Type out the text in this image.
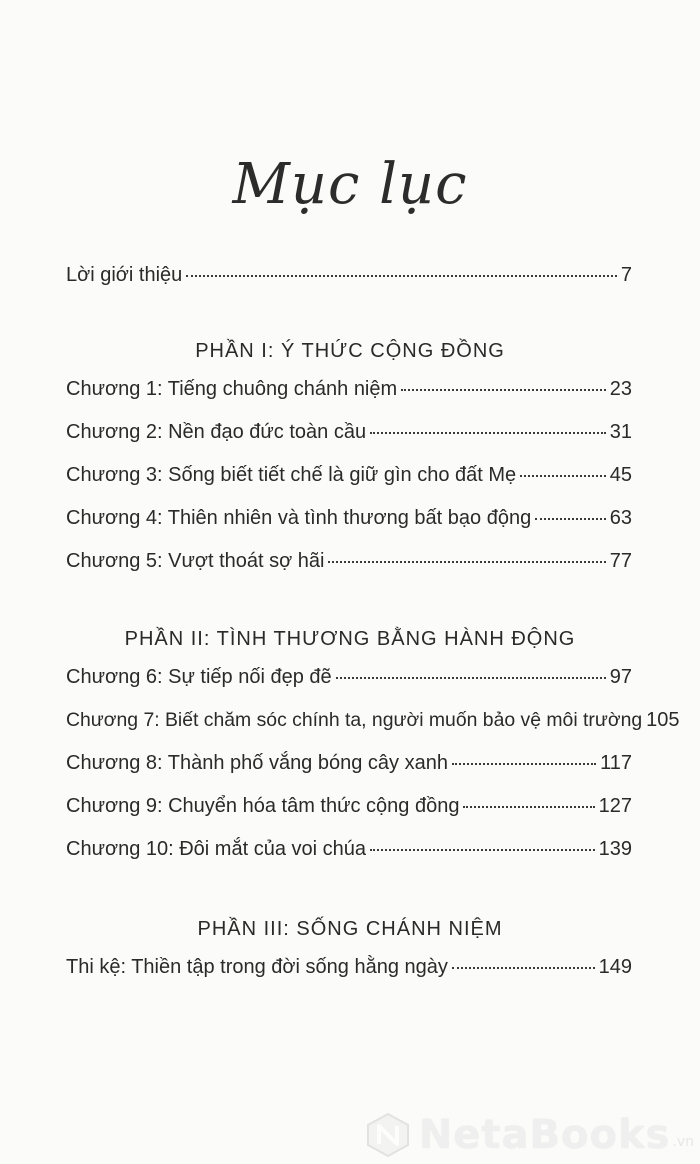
Mục lục
Lời giới thiệu	7
PHẦN I: Ý THỨC CỘNG ĐỒNG
Chương 1: Tiếng chuông chánh niệm	23
Chương 2: Nền đạo đức toàn cầu	31
Chương 3: Sống biết tiết chế là giữ gìn cho đất Mẹ	45
Chương 4: Thiên nhiên và tình thương bất bạo động	63
Chương 5: Vượt thoát sợ hãi	77
PHẦN II: TÌNH THƯƠNG BẰNG HÀNH ĐỘNG
Chương 6: Sự tiếp nối đẹp đẽ	97
Chương 7: Biết chăm sóc chính ta, người muốn bảo vệ môi trường 105
Chương 8: Thành phố vắng bóng cây xanh	117
Chương 9: Chuyển hóa tâm thức cộng đồng	127
Chương 10: Đôi mắt của voi chúa	139
PHẦN III: SỐNG CHÁNH NIỆM
Thi kệ: Thiền tập trong đời sống hằng ngày	149
NetaBooks .vn
